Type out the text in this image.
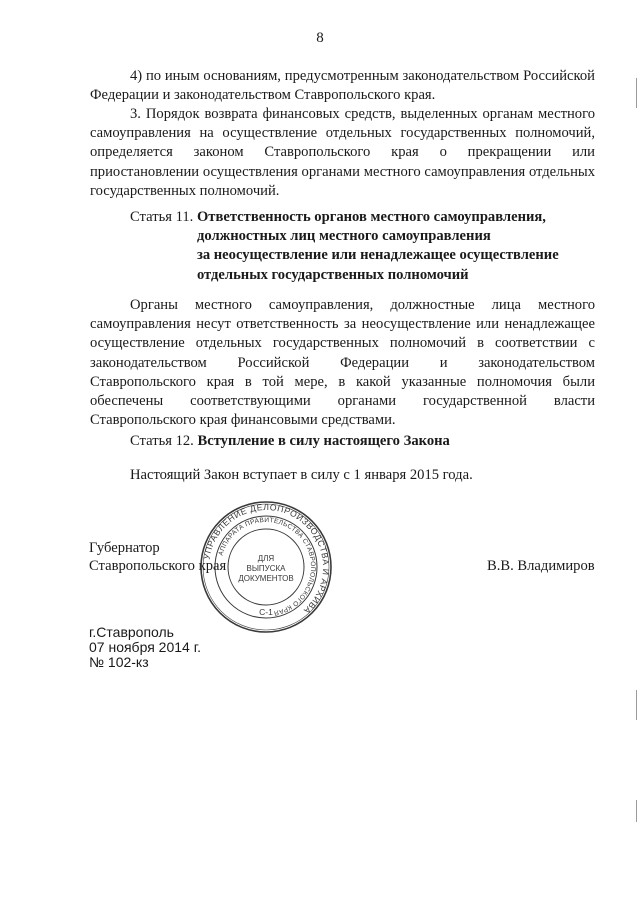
8

4) по иным основаниям, предусмотренным законодательством Российской Федерации и законодательством Ставропольского края.

3. Порядок возврата финансовых средств, выделенных органам местного самоуправления на осуществление отдельных государственных полномочий, определяется законом Ставропольского края о прекращении или приостановлении осуществления органами местного самоуправления отдельных государственных полномочий.

Статья 11. Ответственность органов местного самоуправления,
должностных лиц местного самоуправления
за неосуществление или ненадлежащее осуществление
отдельных государственных полномочий

Органы местного самоуправления, должностные лица местного самоуправления несут ответственность за неосуществление или ненадлежащее осуществление отдельных государственных полномочий в соответствии с законодательством Российской Федерации и законодательством Ставропольского края в той мере, в какой указанные полномочия были обеспечены соответствующими органами государственной власти Ставропольского края финансовыми средствами.

Статья 12. Вступление в силу настоящего Закона
Настоящий Закон вступает в силу с 1 января 2015 года.
Губернатор
Ставропольского края	В.В. Владимиров
УПРАВЛЕНИЕ ДЕЛОПРОИЗВОДСТВА И АРХИВА
АППАРАТА ПРАВИТЕЛЬСТВА СТАВРОПОЛЬСКОГО КРАЯ
ДЛЯ
ВЫПУСКА
ДОКУМЕНТОВ
С-1
г.Ставрополь
07 ноября 2014 г.
№ 102-кз
